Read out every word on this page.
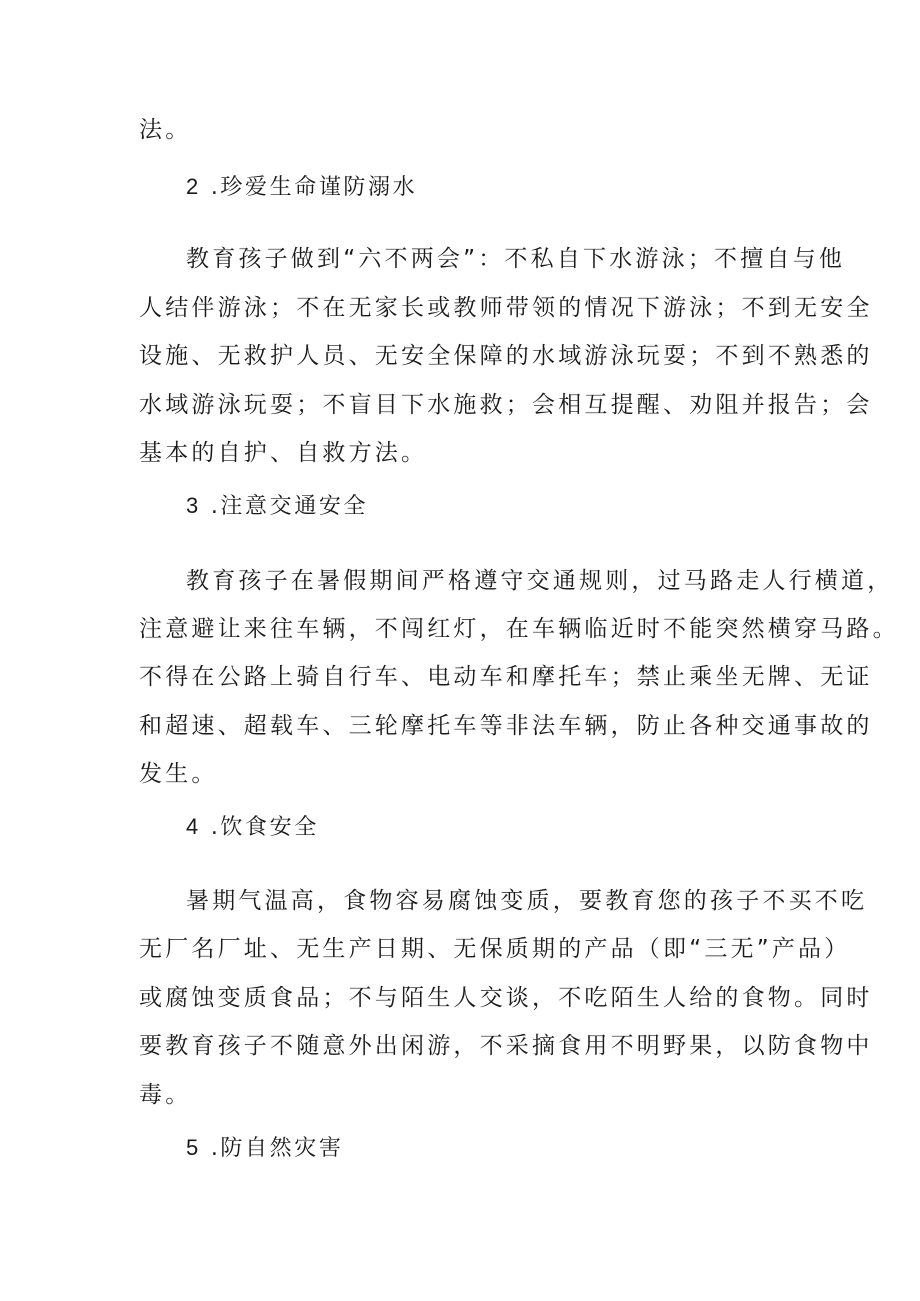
法。
2 .珍爱生命谨防溺水
教育孩子做到“六不两会”：不私自下水游泳；不擅自与他
人结伴游泳；不在无家长或教师带领的情况下游泳；不到无安全
设施、无救护人员、无安全保障的水域游泳玩耍；不到不熟悉的
水域游泳玩耍；不盲目下水施救；会相互提醒、劝阻并报告；会
基本的自护、自救方法。
3 .注意交通安全
教育孩子在暑假期间严格遵守交通规则，过马路走人行横道，
注意避让来往车辆，不闯红灯，在车辆临近时不能突然横穿马路。
不得在公路上骑自行车、电动车和摩托车；禁止乘坐无牌、无证
和超速、超载车、三轮摩托车等非法车辆，防止各种交通事故的
发生。
4 .饮食安全
暑期气温高，食物容易腐蚀变质，要教育您的孩子不买不吃
无厂名厂址、无生产日期、无保质期的产品（即“三无”产品）
或腐蚀变质食品；不与陌生人交谈，不吃陌生人给的食物。同时
要教育孩子不随意外出闲游，不采摘食用不明野果，以防食物中
毒。
5 .防自然灾害
